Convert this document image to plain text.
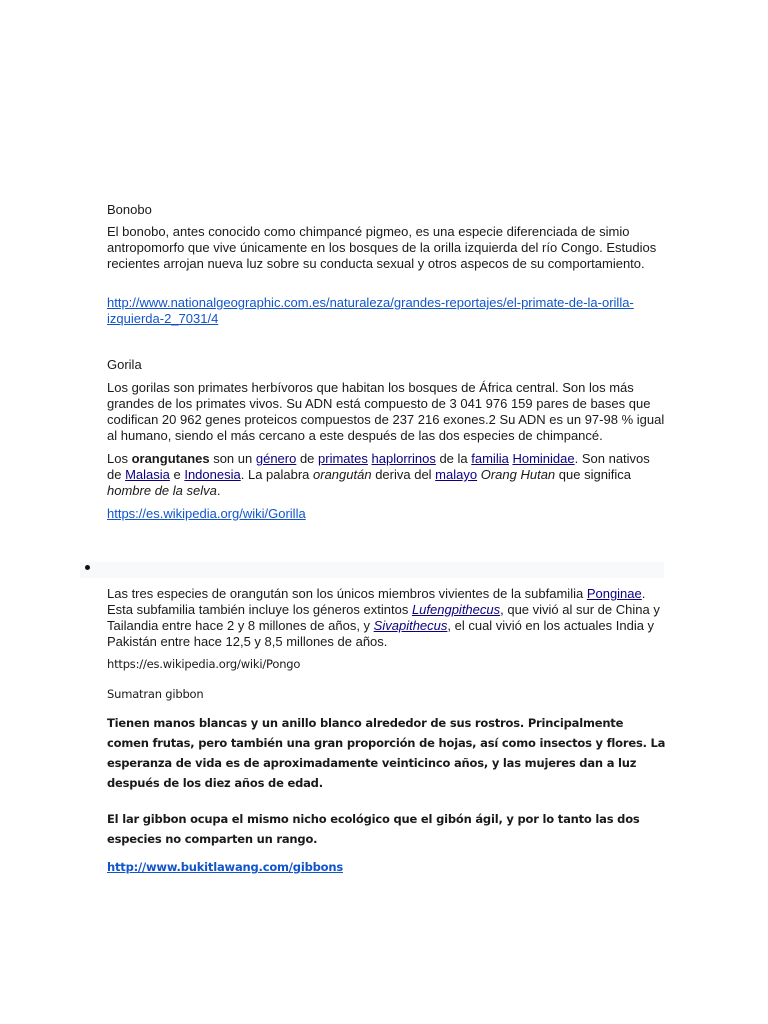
Bonobo

El bonobo, antes conocido como chimpancé pigmeo, es una especie diferenciada de simio antropomorfo que vive únicamente en los bosques de la orilla izquierda del río Congo. Estudios recientes arrojan nueva luz sobre su conducta sexual y otros aspecos de su comportamiento.

http://www.nationalgeographic.com.es/naturaleza/grandes-reportajes/el-primate-de-la-orilla-izquierda-2_7031/4

Gorila

Los gorilas son primates herbívoros que habitan los bosques de África central. Son los más grandes de los primates vivos. Su ADN está compuesto de 3 041 976 159 pares de bases que codifican 20 962 genes proteicos compuestos de 237 216 exones.2 Su ADN es un 97-98 % igual al humano, siendo el más cercano a este después de las dos especies de chimpancé.

Los orangutanes son un género de primates haplorrinos de la familia Hominidae. Son nativos de Malasia e Indonesia. La palabra orangután deriva del malayo Orang Hutan que significa hombre de la selva.

https://es.wikipedia.org/wiki/Gorilla

Las tres especies de orangután son los únicos miembros vivientes de la subfamilia Ponginae. Esta subfamilia también incluye los géneros extintos Lufengpithecus, que vivió al sur de China y Tailandia entre hace 2 y 8 millones de años, y Sivapithecus, el cual vivió en los actuales India y Pakistán entre hace 12,5 y 8,5 millones de años.

https://es.wikipedia.org/wiki/Pongo

Sumatran gibbon

Tienen manos blancas y un anillo blanco alrededor de sus rostros. Principalmente comen frutas, pero también una gran proporción de hojas, así como insectos y flores. La esperanza de vida es de aproximadamente veinticinco años, y las mujeres dan a luz después de los diez años de edad.

El lar gibbon ocupa el mismo nicho ecológico que el gibón ágil, y por lo tanto las dos especies no comparten un rango.

http://www.bukitlawang.com/gibbons
